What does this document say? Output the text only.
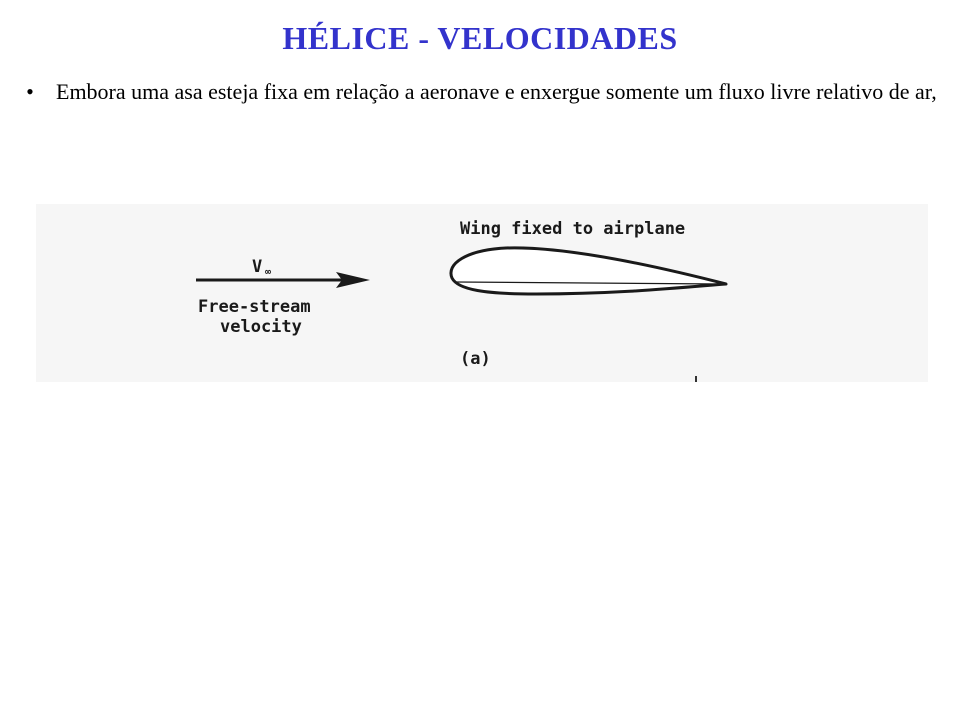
HÉLICE - VELOCIDADES
• Embora uma asa esteja fixa em relação a aeronave e enxergue somente um fluxo livre relativo de ar,
V ∞
Free-stream
velocity
Wing fixed to airplane
(a)
